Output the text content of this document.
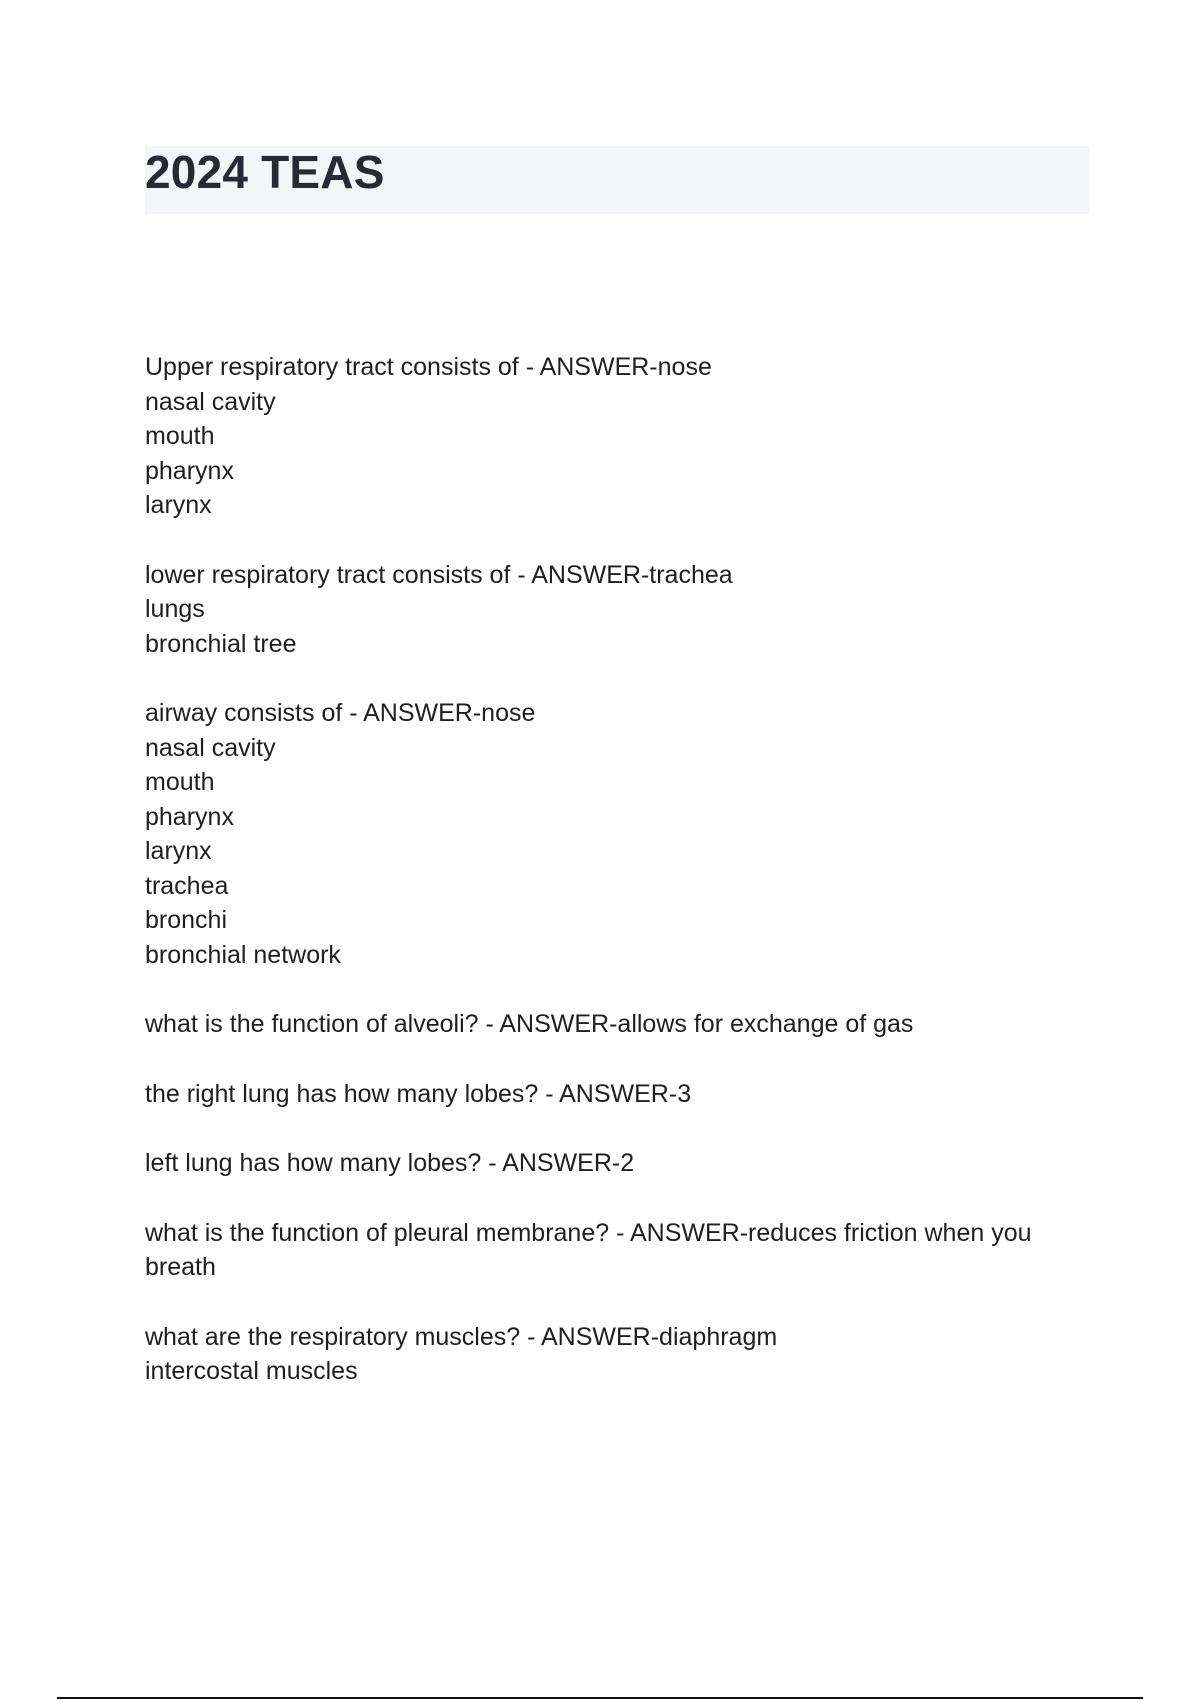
2024 TEAS
Upper respiratory tract consists of - ANSWER-nose
nasal cavity
mouth
pharynx
larynx
lower respiratory tract consists of - ANSWER-trachea
lungs
bronchial tree
airway consists of - ANSWER-nose
nasal cavity
mouth
pharynx
larynx
trachea
bronchi
bronchial network
what is the function of alveoli? - ANSWER-allows for exchange of gas
the right lung has how many lobes? - ANSWER-3
left lung has how many lobes? - ANSWER-2
what is the function of pleural membrane? - ANSWER-reduces friction when you
breath
what are the respiratory muscles? - ANSWER-diaphragm
intercostal muscles
